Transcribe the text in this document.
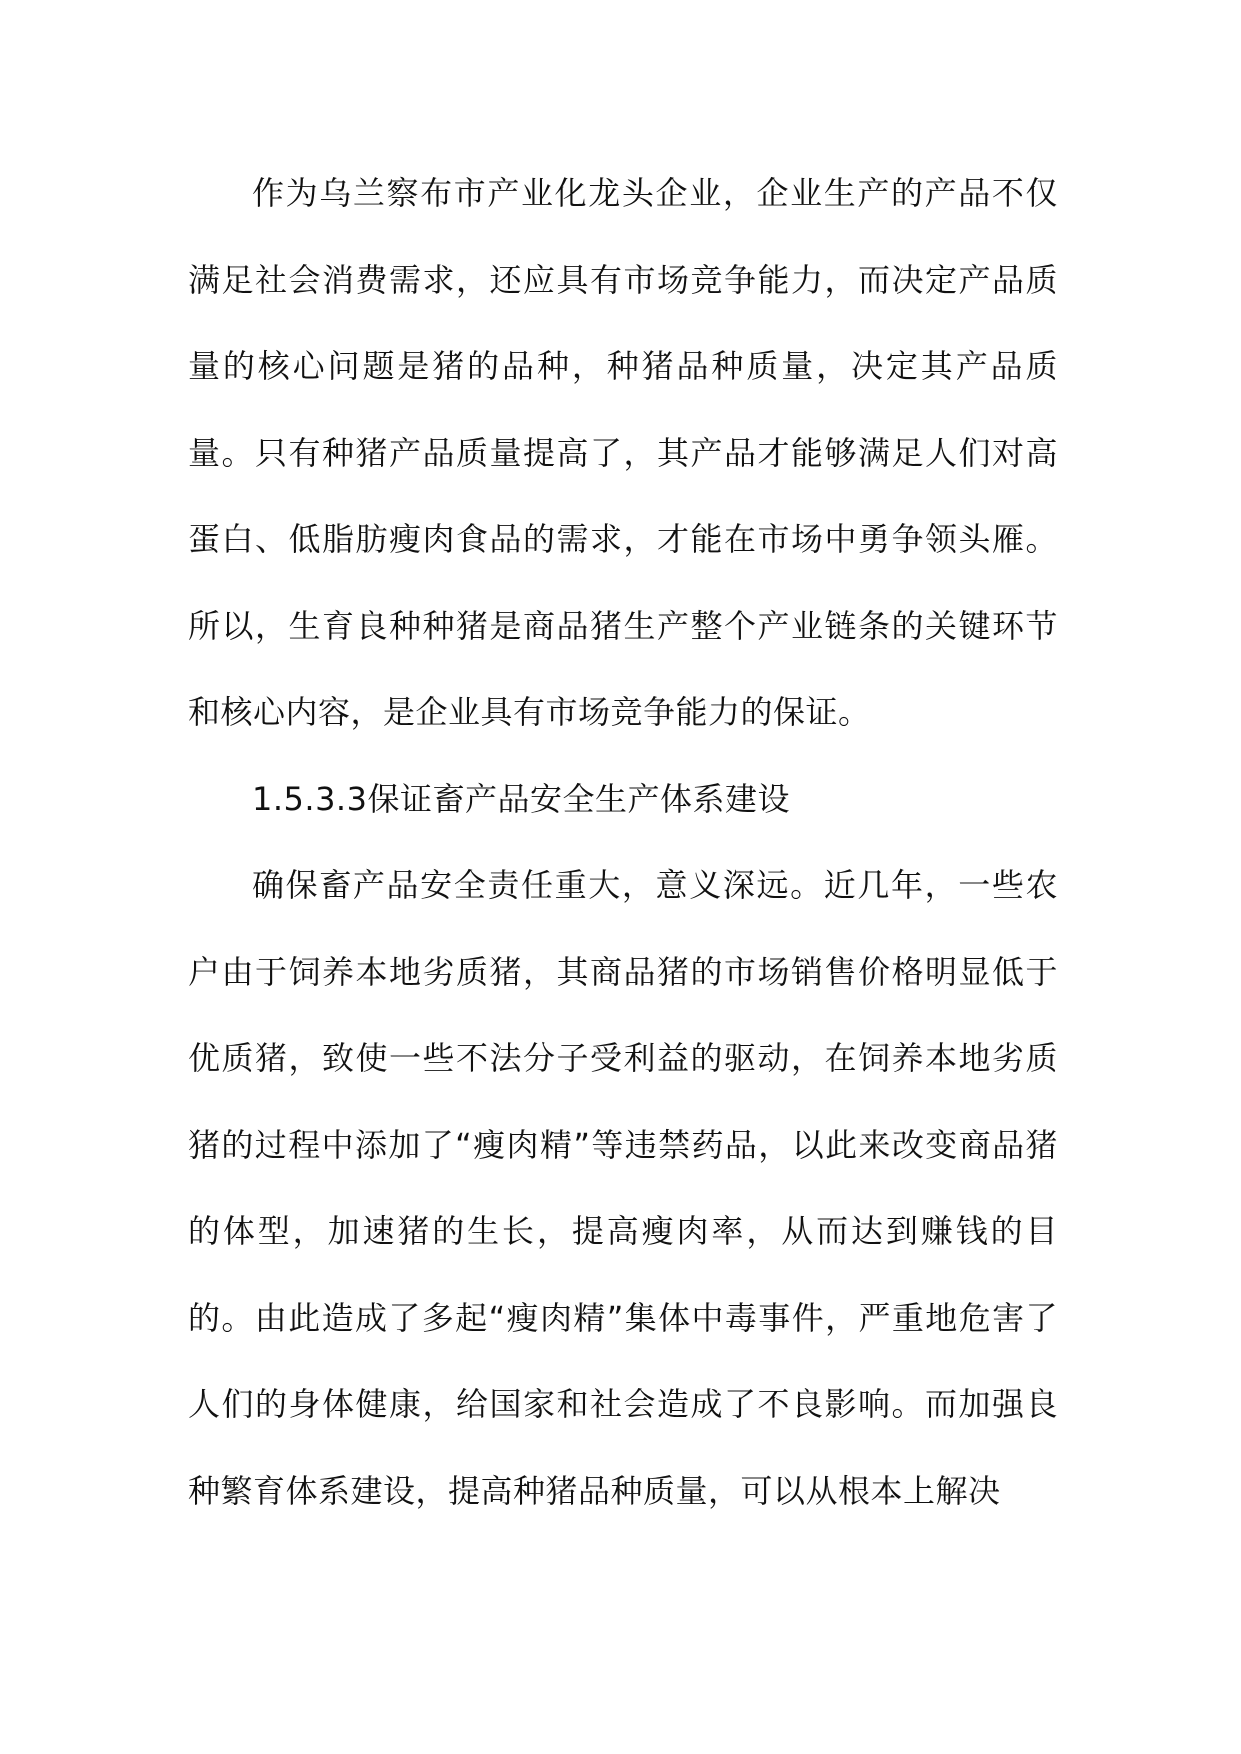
作为乌兰察布市产业化龙头企业，企业生产的产品不仅满足社会消费需求，还应具有市场竞争能力，而决定产品质量的核心问题是猪的品种，种猪品种质量，决定其产品质量。只有种猪产品质量提高了，其产品才能够满足人们对高蛋白、低脂肪瘦肉食品的需求，才能在市场中勇争领头雁。所以，生育良种种猪是商品猪生产整个产业链条的关键环节和核心内容，是企业具有市场竞争能力的保证。

1.5.3.3保证畜产品安全生产体系建设

确保畜产品安全责任重大，意义深远。近几年，一些农户由于饲养本地劣质猪，其商品猪的市场销售价格明显低于优质猪，致使一些不法分子受利益的驱动，在饲养本地劣质猪的过程中添加了“瘦肉精”等违禁药品，以此来改变商品猪的体型，加速猪的生长，提高瘦肉率，从而达到赚钱的目的。由此造成了多起“瘦肉精”集体中毒事件，严重地危害了人们的身体健康，给国家和社会造成了不良影响。而加强良种繁育体系建设，提高种猪品种质量，可以从根本上解决
